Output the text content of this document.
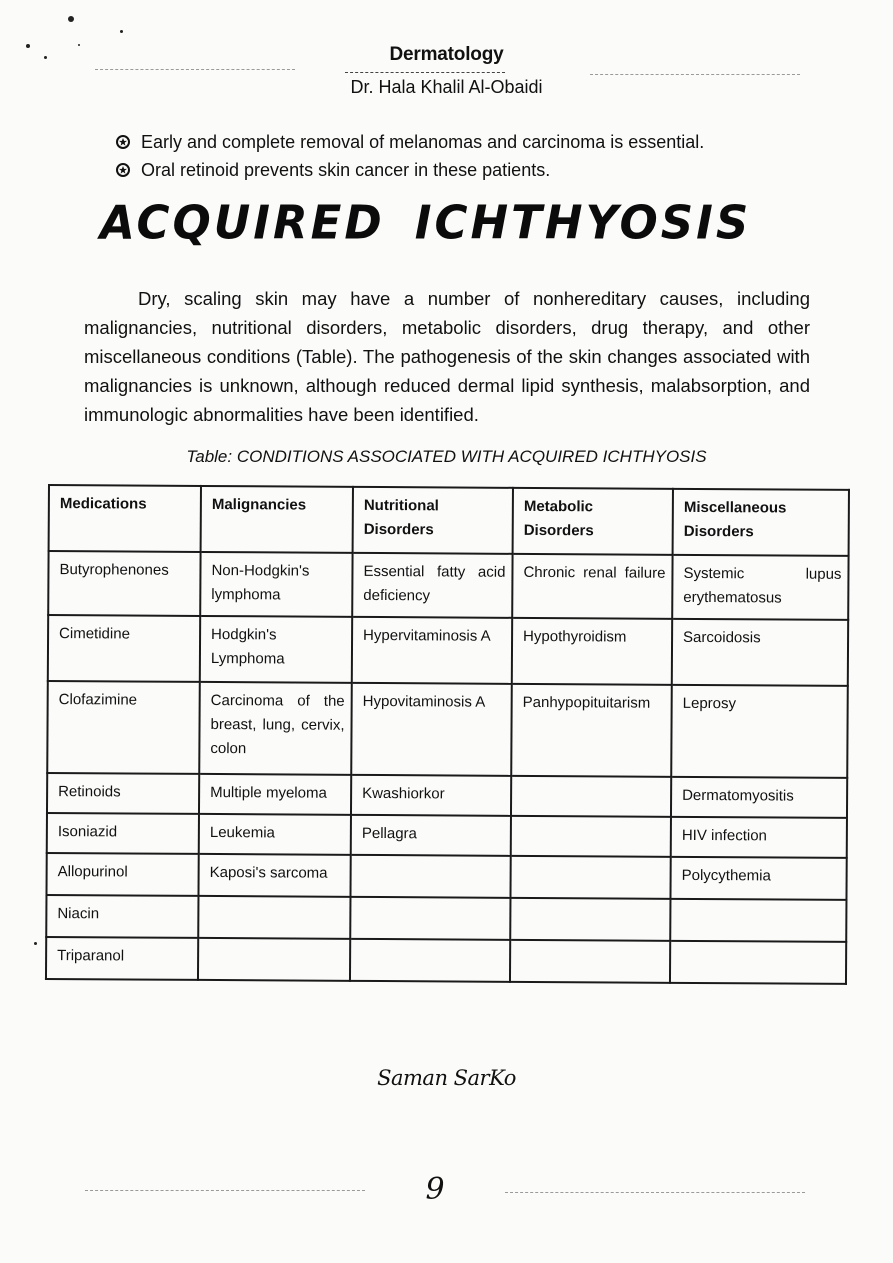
Dermatology
Dr. Hala Khalil Al-Obaidi
Early and complete removal of melanomas and carcinoma is essential.
Oral retinoid prevents skin cancer in these patients.
ACQUIRED ICHTHYOSIS
Dry, scaling skin may have a number of nonhereditary causes, including malignancies, nutritional disorders, metabolic disorders, drug therapy, and other miscellaneous conditions (Table). The pathogenesis of the skin changes associated with malignancies is unknown, although reduced dermal lipid synthesis, malabsorption, and immunologic abnormalities have been identified.
Table: CONDITIONS ASSOCIATED WITH ACQUIRED ICHTHYOSIS
Medications	Malignancies	Nutritional Disorders	Metabolic Disorders	Miscellaneous Disorders
Butyrophenones	Non-Hodgkin's lymphoma	Essential fatty acid deficiency	Chronic renal failure	Systemic lupus erythematosus
Cimetidine	Hodgkin's Lymphoma	Hypervitaminosis A	Hypothyroidism	Sarcoidosis
Clofazimine	Carcinoma of the breast, lung, cervix, colon	Hypovitaminosis A	Panhypopituitarism	Leprosy
Retinoids	Multiple myeloma	Kwashiorkor		Dermatomyositis
Isoniazid	Leukemia	Pellagra		HIV infection
Allopurinol	Kaposi's sarcoma			Polycythemia
Niacin				
Triparanol				
Saman SarKo
9
